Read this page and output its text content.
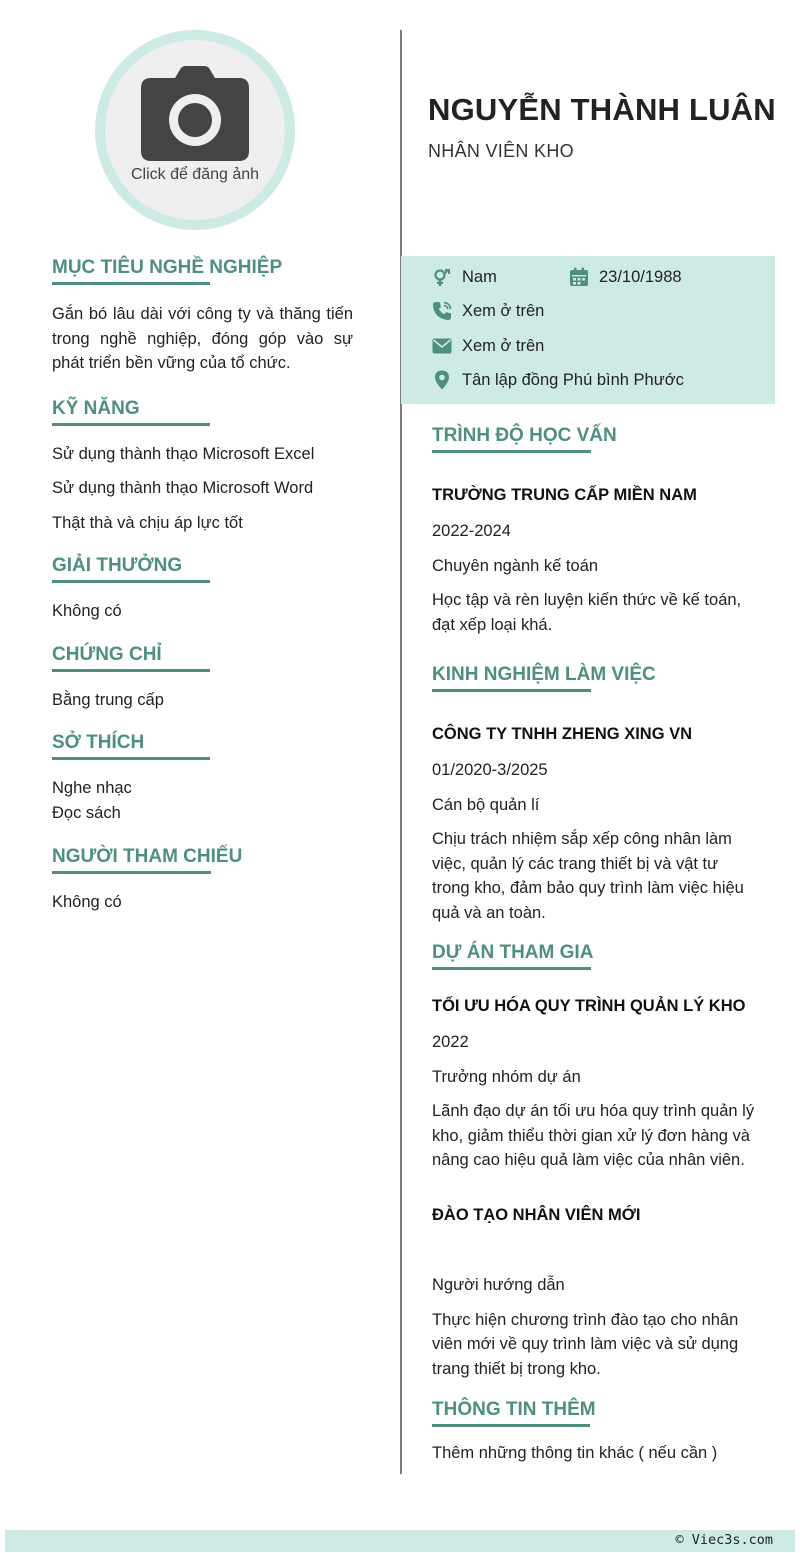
Click để đăng ảnh
NGUYỄN THÀNH LUÂN
NHÂN VIÊN KHO
Nam	23/10/1988
Xem ở trên
Xem ở trên
Tân lập đồng Phú bình Phước
MỤC TIÊU NGHỀ NGHIỆP

Gắn bó lâu dài với công ty và thăng tiến trong nghề nghiệp, đóng góp vào sự phát triển bền vững của tổ chức.

KỸ NĂNG
Sử dụng thành thạo Microsoft Excel
Sử dụng thành thạo Microsoft Word
Thật thà và chịu áp lực tốt
GIẢI THƯỞNG

Không có

CHỨNG CHỈ

Bằng trung cấp

SỞ THÍCH
Nghe nhạc
Đọc sách
NGƯỜI THAM CHIẾU

Không có

TRÌNH ĐỘ HỌC VẤN
TRƯỜNG TRUNG CẤP MIỀN NAM

2022-2024

Chuyên ngành kế toán

Học tập và rèn luyện kiến thức về kế toán, đạt xếp loại khá.

KINH NGHIỆM LÀM VIỆC
CÔNG TY TNHH ZHENG XING VN

01/2020-3/2025

Cán bộ quản lí

Chịu trách nhiệm sắp xếp công nhân làm việc, quản lý các trang thiết bị và vật tư trong kho, đảm bảo quy trình làm việc hiệu quả và an toàn.

DỰ ÁN THAM GIA
TỐI ƯU HÓA QUY TRÌNH QUẢN LÝ KHO

2022

Trưởng nhóm dự án

Lãnh đạo dự án tối ưu hóa quy trình quản lý kho, giảm thiểu thời gian xử lý đơn hàng và nâng cao hiệu quả làm việc của nhân viên.

ĐÀO TẠO NHÂN VIÊN MỚI

Người hướng dẫn

Thực hiện chương trình đào tạo cho nhân viên mới về quy trình làm việc và sử dụng trang thiết bị trong kho.

THÔNG TIN THÊM

Thêm những thông tin khác ( nếu cần )

© Viec3s.com
